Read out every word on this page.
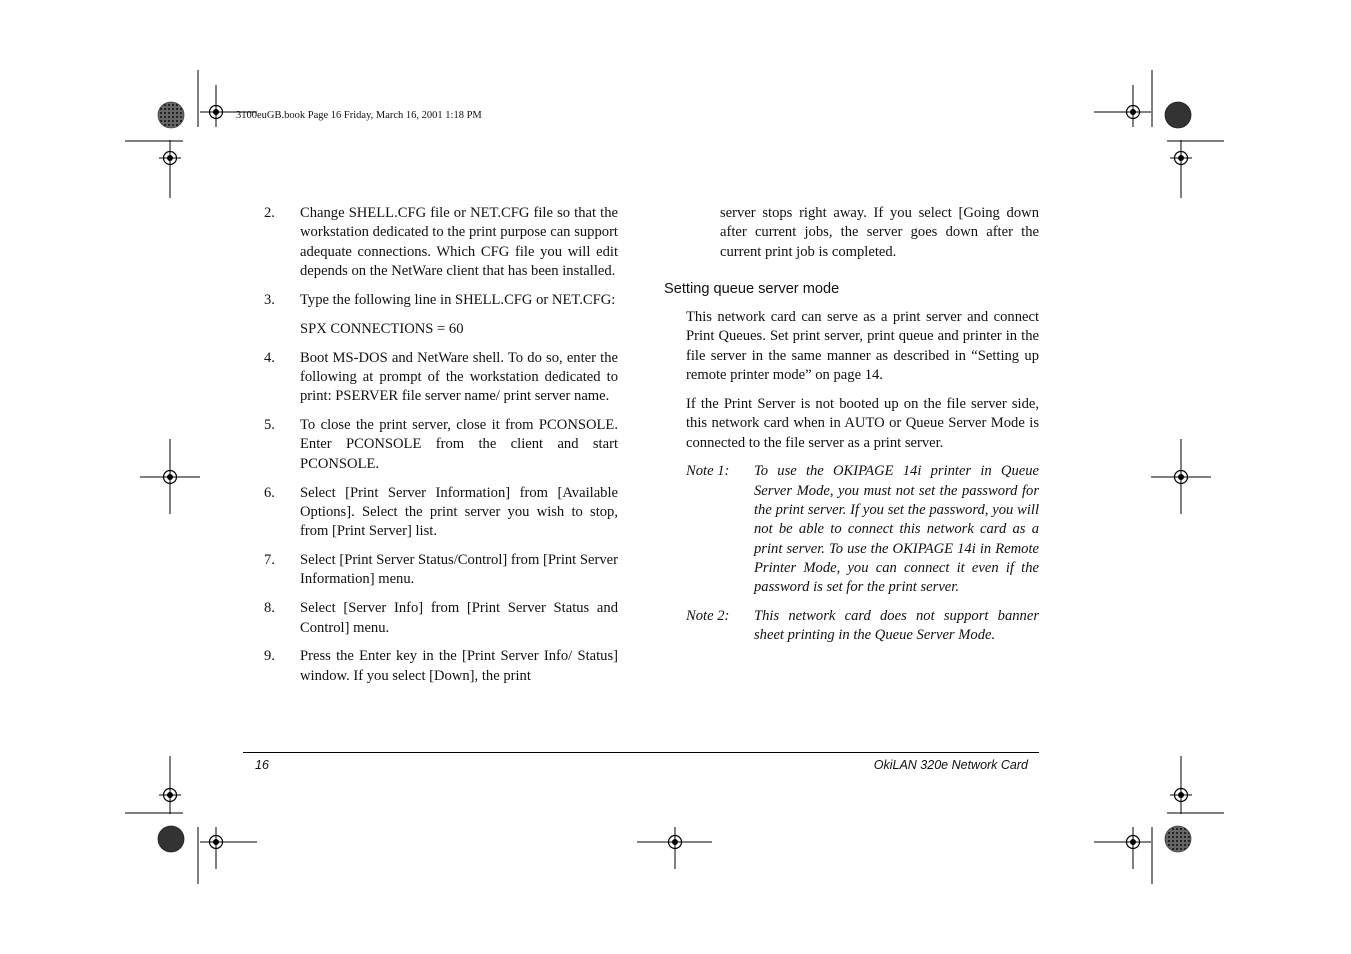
3100euGB.book Page 16 Friday, March 16, 2001 1:18 PM
2.	Change SHELL.CFG file or NET.CFG file so that the workstation dedicated to the print purpose can support adequate connections. Which CFG file you will edit depends on the NetWare client that has been installed.

3.	Type the following line in SHELL.CFG or NET.CFG:

SPX CONNECTIONS = 60

4.	Boot MS-DOS and NetWare shell. To do so, enter the following at prompt of the workstation dedicated to print: PSERVER file server name/ print server name.

5.	To close the print server, close it from PCONSOLE. Enter PCONSOLE from the client and start PCONSOLE.

6.	Select [Print Server Information] from [Available Options]. Select the print server you wish to stop, from [Print Server] list.

7.	Select [Print Server Status/Control] from [Print Server Information] menu.

8.	Select [Server Info] from [Print Server Status and Control] menu.

9.	Press the Enter key in the [Print Server Info/ Status] window. If you select [Down], the print

server stops right away. If you select [Going down after current jobs, the server goes down after the current print job is completed.
Setting queue server mode
This network card can serve as a print server and connect Print Queues. Set print server, print queue and printer in the file server in the same manner as described in “Setting up remote printer mode” on page 14.
If the Print Server is not booted up on the file server side, this network card when in AUTO or Queue Server Mode is connected to the file server as a print server.
Note 1:	To use the OKIPAGE 14i printer in Queue Server Mode, you must not set the password for the print server. If you set the password, you will not be able to connect this network card as a print server. To use the OKIPAGE 14i in Remote Printer Mode, you can connect it even if the password is set for the print server.
Note 2:	This network card does not support banner sheet printing in the Queue Server Mode.
16	OkiLAN 320e Network Card
